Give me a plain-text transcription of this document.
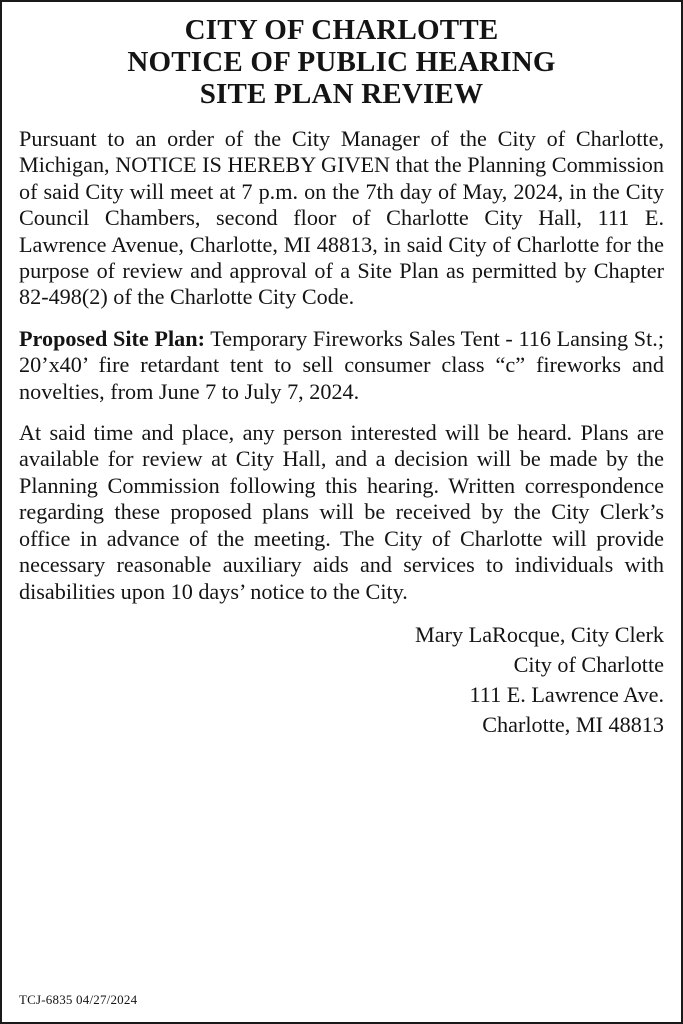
CITY OF CHARLOTTE
NOTICE OF PUBLIC HEARING
SITE PLAN REVIEW

Pursuant to an order of the City Manager of the City of Charlotte, Michigan, NOTICE IS HEREBY GIVEN that the Planning Commission of said City will meet at 7 p.m. on the 7th day of May, 2024, in the City Council Chambers, second floor of Charlotte City Hall, 111 E. Lawrence Avenue, Charlotte, MI 48813, in said City of Charlotte for the purpose of review and approval of a Site Plan as permitted by Chapter 82-498(2) of the Charlotte City Code.

Proposed Site Plan: Temporary Fireworks Sales Tent - 116 Lansing St.; 20’x40’ fire retardant tent to sell consumer class “c” fireworks and novelties, from June 7 to July 7, 2024.

At said time and place, any person interested will be heard. Plans are available for review at City Hall, and a decision will be made by the Planning Commission following this hearing. Written correspondence regarding these proposed plans will be received by the City Clerk’s office in advance of the meeting. The City of Charlotte will provide necessary reasonable auxiliary aids and services to individuals with disabilities upon 10 days’ notice to the City.

Mary LaRocque, City Clerk
City of Charlotte
111 E. Lawrence Ave.
Charlotte, MI 48813
TCJ-6835 04/27/2024
